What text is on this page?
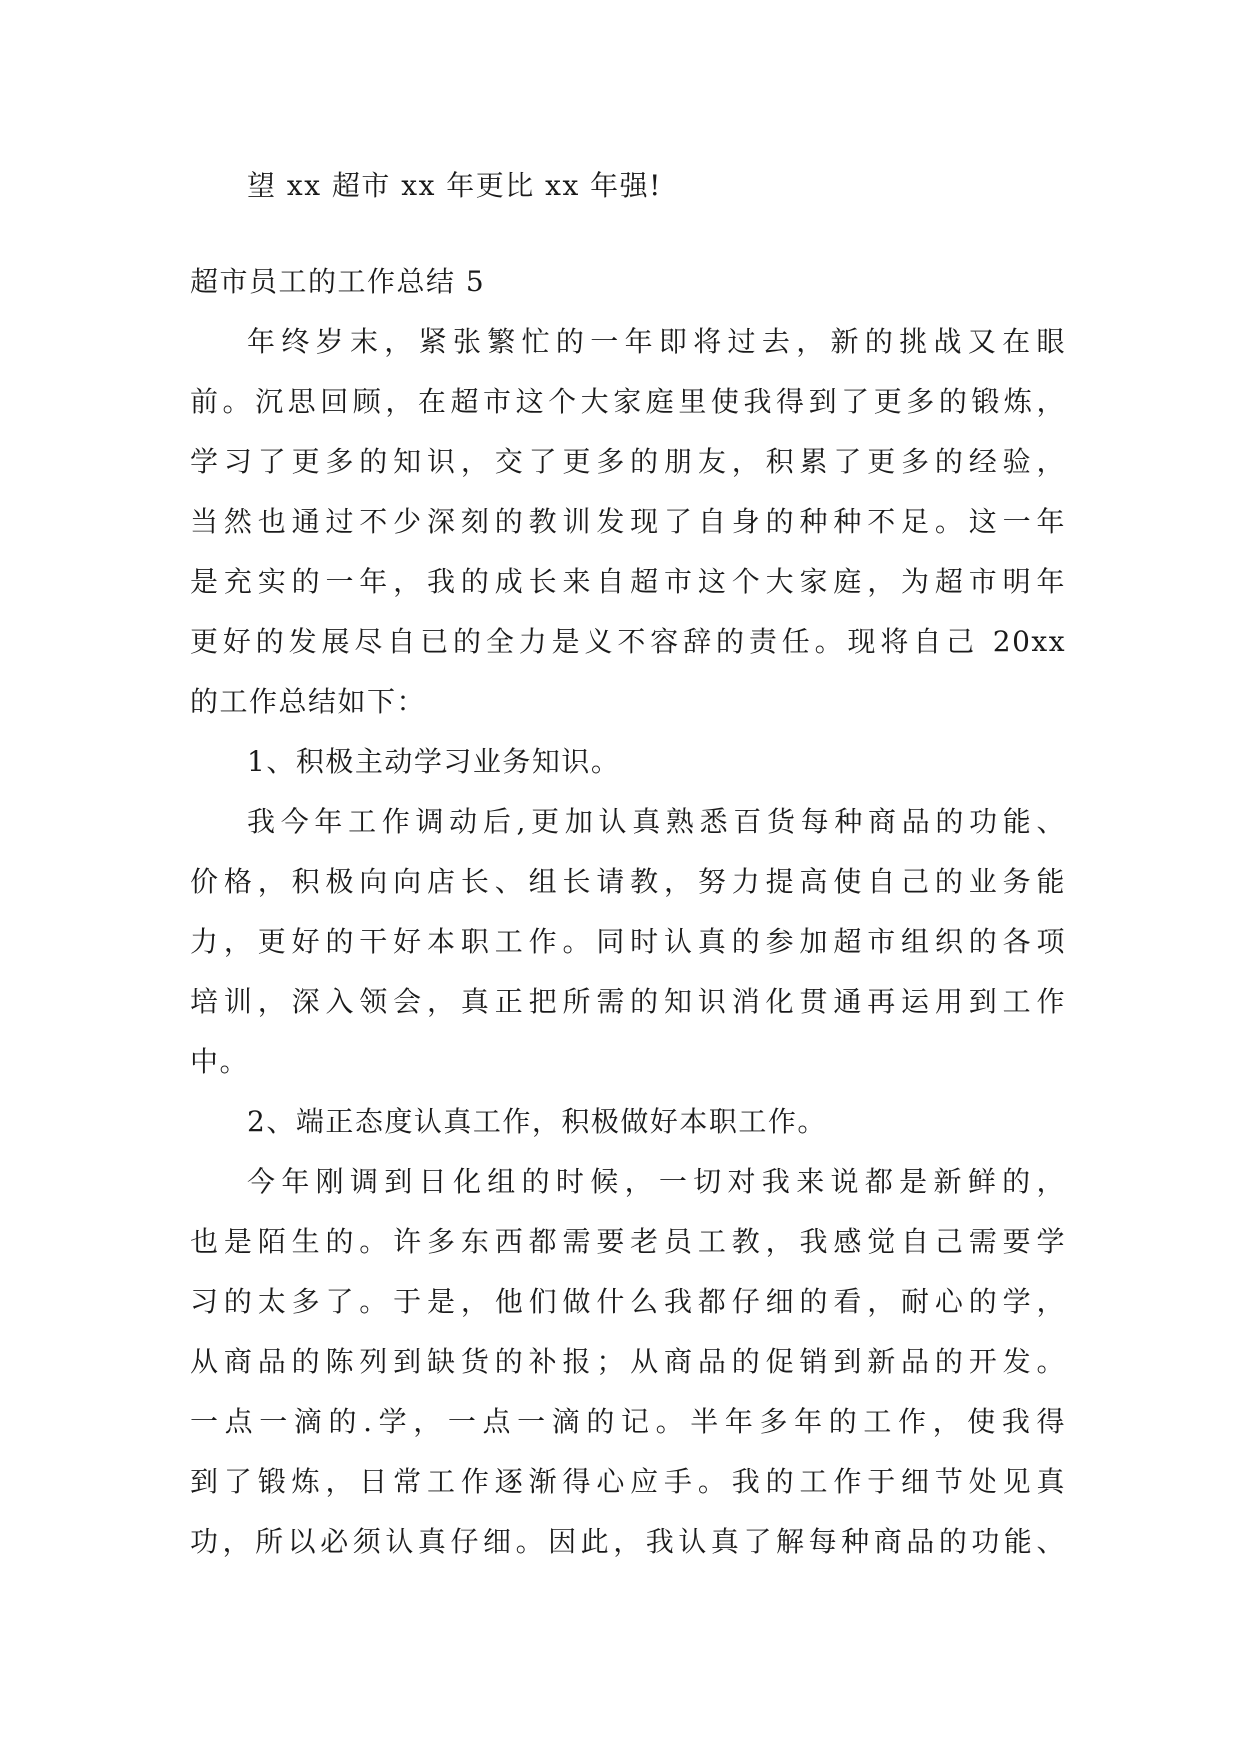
望 xx 超市 xx 年更比 xx 年强!
超市员工的工作总结 5
年终岁末，紧张繁忙的一年即将过去，新的挑战又在眼
前。沉思回顾，在超市这个大家庭里使我得到了更多的锻炼，
学习了更多的知识，交了更多的朋友，积累了更多的经验，
当然也通过不少深刻的教训发现了自身的种种不足。这一年
是充实的一年，我的成长来自超市这个大家庭，为超市明年
更好的发展尽自已的全力是义不容辞的责任。现将自己 20xx
的工作总结如下：
1、积极主动学习业务知识。
我今年工作调动后,更加认真熟悉百货每种商品的功能、
价格，积极向向店长、组长请教，努力提高使自己的业务能
力，更好的干好本职工作。同时认真的参加超市组织的各项
培训，深入领会，真正把所需的知识消化贯通再运用到工作
中。
2、端正态度认真工作，积极做好本职工作。
今年刚调到日化组的时候，一切对我来说都是新鲜的，
也是陌生的。许多东西都需要老员工教，我感觉自己需要学
习的太多了。于是，他们做什么我都仔细的看，耐心的学，
从商品的陈列到缺货的补报；从商品的促销到新品的开发。
一点一滴的.学，一点一滴的记。半年多年的工作，使我得
到了锻炼，日常工作逐渐得心应手。我的工作于细节处见真
功，所以必须认真仔细。因此，我认真了解每种商品的功能、
